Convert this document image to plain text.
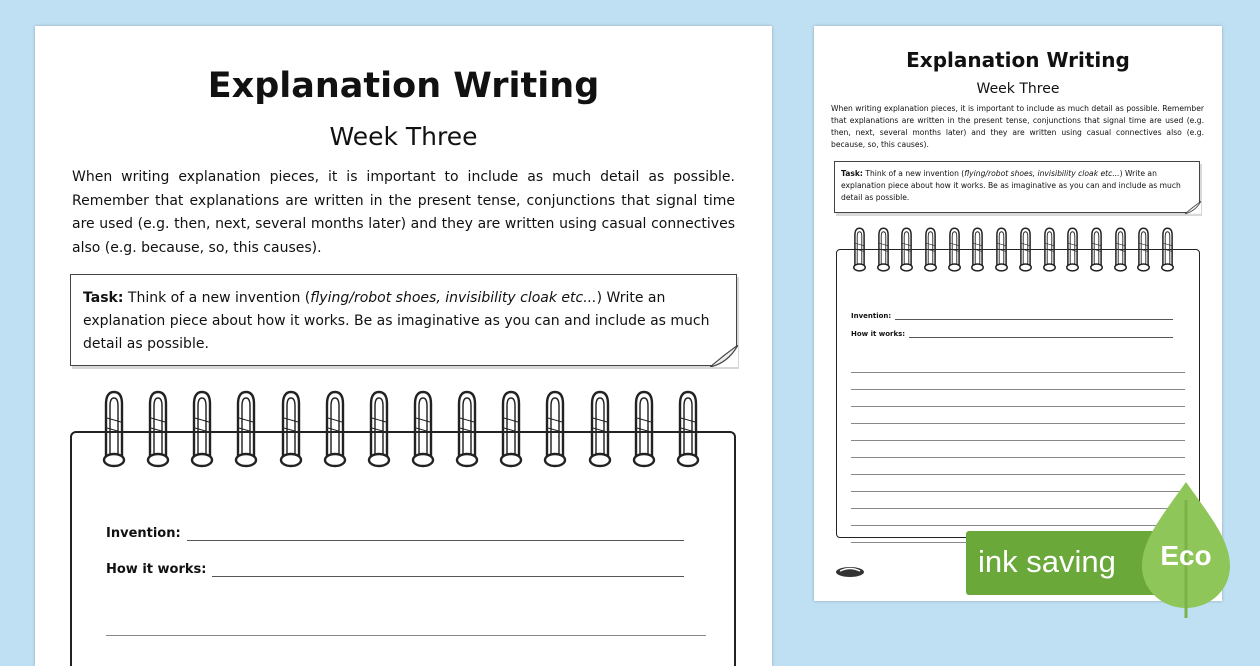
Explanation Writing
Week Three
When writing explanation pieces, it is important to include as much detail as possible. Remember that explanations are written in the present tense, conjunctions that signal time are used (e.g. then, next, several months later) and they are written using casual connectives also (e.g. because, so, this causes).
Task: Think of a new invention (flying/robot shoes, invisibility cloak etc...) Write an explanation piece about how it works. Be as imaginative as you can and include as much detail as possible.
Invention:
How it works:
Explanation Writing
Week Three
When writing explanation pieces, it is important to include as much detail as possible. Remember that explanations are written in the present tense, conjunctions that signal time are used (e.g. then, next, several months later) and they are written using casual connectives also (e.g. because, so, this causes).
Task: Think of a new invention (flying/robot shoes, invisibility cloak etc...) Write an explanation piece about how it works. Be as imaginative as you can and include as much detail as possible.
Invention:
How it works:
ink saving Eco
